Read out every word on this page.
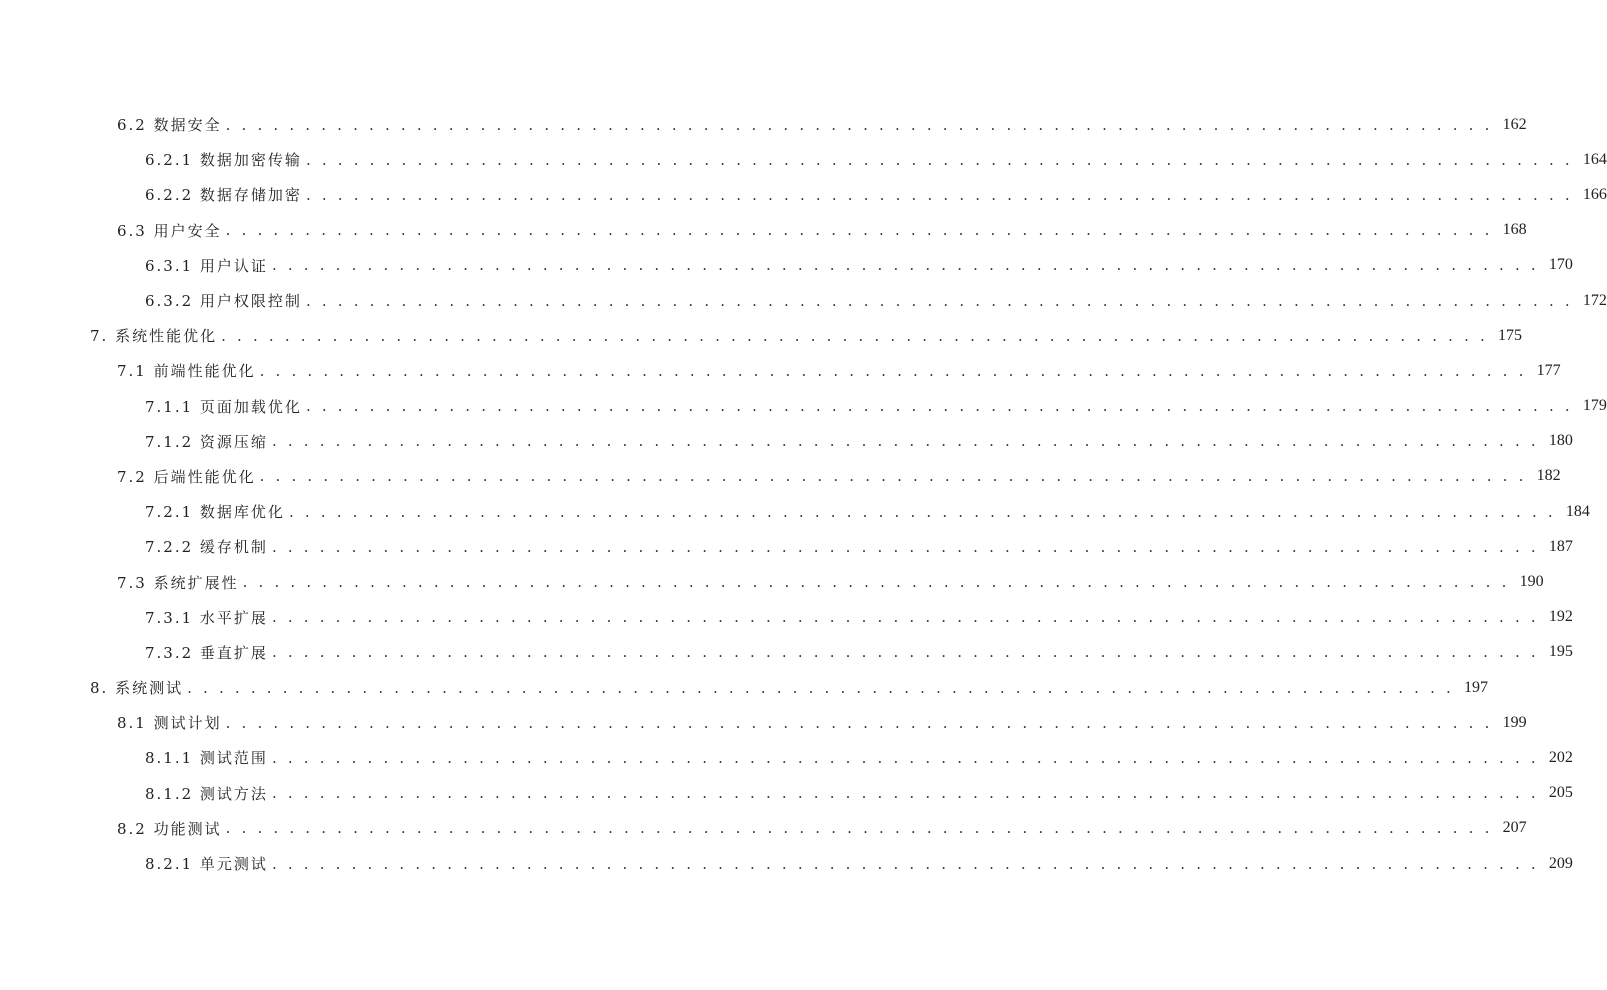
6.2 数据安全 . . . . . . . . . . . . . . . . . . . . . . . . . . . . . . . . . . . . . . . . . . . . . . . . . . . . . . . . . . . . . . . . . . . . . . . . . . . . . . . . 162
6.2.1 数据加密传输 . . . . . . . . . . . . . . . . . . . . . . . . . . . . . . . . . . . . . . . . . . . . . . . . . . . . . . . . . . . . . . . . . . . . . . . . . . . . . . . . 164
6.2.2 数据存储加密 . . . . . . . . . . . . . . . . . . . . . . . . . . . . . . . . . . . . . . . . . . . . . . . . . . . . . . . . . . . . . . . . . . . . . . . . . . . . . . . . 166
6.3 用户安全 . . . . . . . . . . . . . . . . . . . . . . . . . . . . . . . . . . . . . . . . . . . . . . . . . . . . . . . . . . . . . . . . . . . . . . . . . . . . . . . . 168
6.3.1 用户认证 . . . . . . . . . . . . . . . . . . . . . . . . . . . . . . . . . . . . . . . . . . . . . . . . . . . . . . . . . . . . . . . . . . . . . . . . . . . . . . . . 170
6.3.2 用户权限控制 . . . . . . . . . . . . . . . . . . . . . . . . . . . . . . . . . . . . . . . . . . . . . . . . . . . . . . . . . . . . . . . . . . . . . . . . . . . . . . . . 172
7. 系统性能优化 . . . . . . . . . . . . . . . . . . . . . . . . . . . . . . . . . . . . . . . . . . . . . . . . . . . . . . . . . . . . . . . . . . . . . . . . . . . . . . . . 175
7.1 前端性能优化 . . . . . . . . . . . . . . . . . . . . . . . . . . . . . . . . . . . . . . . . . . . . . . . . . . . . . . . . . . . . . . . . . . . . . . . . . . . . . . . . 177
7.1.1 页面加载优化 . . . . . . . . . . . . . . . . . . . . . . . . . . . . . . . . . . . . . . . . . . . . . . . . . . . . . . . . . . . . . . . . . . . . . . . . . . . . . . . . 179
7.1.2 资源压缩 . . . . . . . . . . . . . . . . . . . . . . . . . . . . . . . . . . . . . . . . . . . . . . . . . . . . . . . . . . . . . . . . . . . . . . . . . . . . . . . . 180
7.2 后端性能优化 . . . . . . . . . . . . . . . . . . . . . . . . . . . . . . . . . . . . . . . . . . . . . . . . . . . . . . . . . . . . . . . . . . . . . . . . . . . . . . . . 182
7.2.1 数据库优化 . . . . . . . . . . . . . . . . . . . . . . . . . . . . . . . . . . . . . . . . . . . . . . . . . . . . . . . . . . . . . . . . . . . . . . . . . . . . . . . . 184
7.2.2 缓存机制 . . . . . . . . . . . . . . . . . . . . . . . . . . . . . . . . . . . . . . . . . . . . . . . . . . . . . . . . . . . . . . . . . . . . . . . . . . . . . . . . 187
7.3 系统扩展性 . . . . . . . . . . . . . . . . . . . . . . . . . . . . . . . . . . . . . . . . . . . . . . . . . . . . . . . . . . . . . . . . . . . . . . . . . . . . . . . . 190
7.3.1 水平扩展 . . . . . . . . . . . . . . . . . . . . . . . . . . . . . . . . . . . . . . . . . . . . . . . . . . . . . . . . . . . . . . . . . . . . . . . . . . . . . . . . 192
7.3.2 垂直扩展 . . . . . . . . . . . . . . . . . . . . . . . . . . . . . . . . . . . . . . . . . . . . . . . . . . . . . . . . . . . . . . . . . . . . . . . . . . . . . . . . 195
8. 系统测试 . . . . . . . . . . . . . . . . . . . . . . . . . . . . . . . . . . . . . . . . . . . . . . . . . . . . . . . . . . . . . . . . . . . . . . . . . . . . . . . . 197
8.1 测试计划 . . . . . . . . . . . . . . . . . . . . . . . . . . . . . . . . . . . . . . . . . . . . . . . . . . . . . . . . . . . . . . . . . . . . . . . . . . . . . . . . 199
8.1.1 测试范围 . . . . . . . . . . . . . . . . . . . . . . . . . . . . . . . . . . . . . . . . . . . . . . . . . . . . . . . . . . . . . . . . . . . . . . . . . . . . . . . . 202
8.1.2 测试方法 . . . . . . . . . . . . . . . . . . . . . . . . . . . . . . . . . . . . . . . . . . . . . . . . . . . . . . . . . . . . . . . . . . . . . . . . . . . . . . . . 205
8.2 功能测试 . . . . . . . . . . . . . . . . . . . . . . . . . . . . . . . . . . . . . . . . . . . . . . . . . . . . . . . . . . . . . . . . . . . . . . . . . . . . . . . . 207
8.2.1 单元测试 . . . . . . . . . . . . . . . . . . . . . . . . . . . . . . . . . . . . . . . . . . . . . . . . . . . . . . . . . . . . . . . . . . . . . . . . . . . . . . . . 209
